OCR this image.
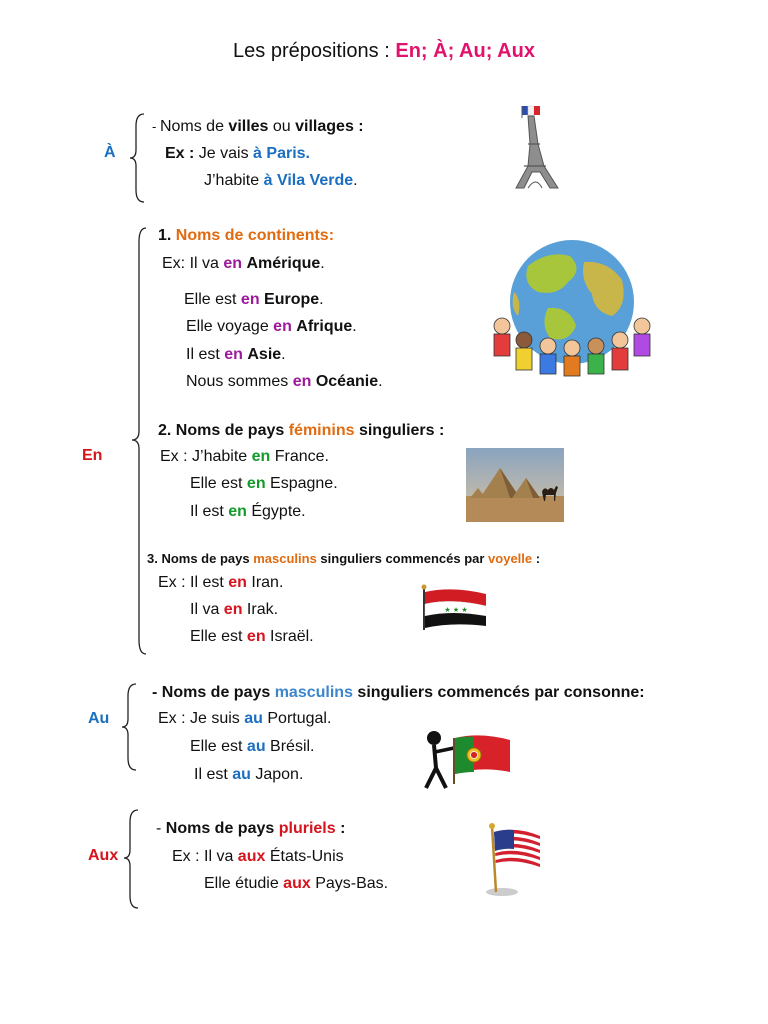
Les prépositions : En; À; Au; Aux
À
- Noms de villes ou villages :
Ex : Je vais à Paris.
J’habite à Vila Verde.
En
1. Noms de continents:
Ex: Il va en Amérique.
Elle est en Europe.
Elle voyage en Afrique.
Il est en Asie.
Nous sommes en Océanie.
2. Noms de pays féminins singuliers :
Ex : J’habite en France.
Elle est en Espagne.
Il est en Égypte.
3. Noms de pays masculins singuliers commencés par voyelle :
Ex : Il est en Iran.
Il va en Irak.
Elle est en Israël.
★ ★ ★
Au
- Noms de pays masculins singuliers commencés par consonne:
Ex : Je suis au Portugal.
Elle est au Brésil.
Il est au Japon.
Aux
- Noms de pays pluriels :
Ex : Il va aux États-Unis
Elle étudie aux Pays-Bas.
